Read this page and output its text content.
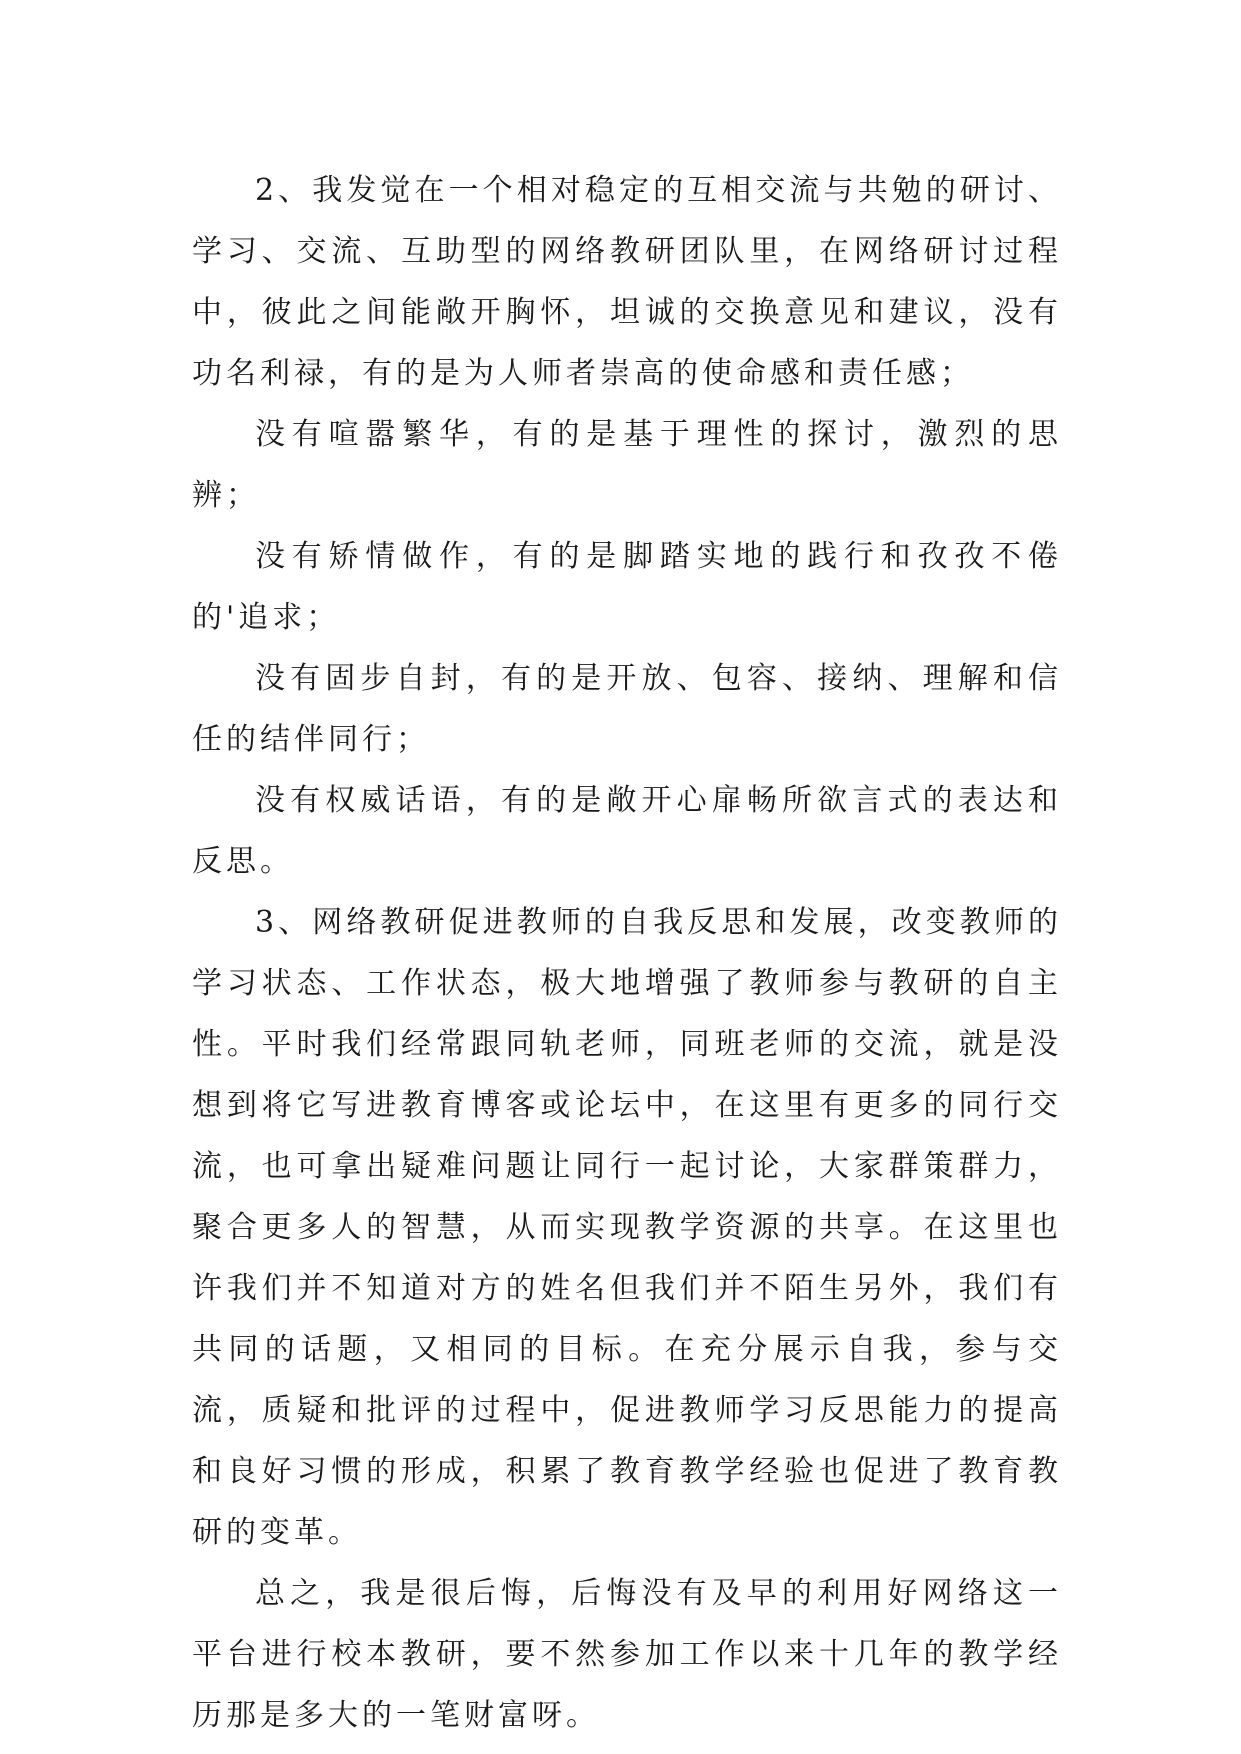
2、我发觉在一个相对稳定的互相交流与共勉的研讨、学习、交流、互助型的网络教研团队里，在网络研讨过程中，彼此之间能敞开胸怀，坦诚的交换意见和建议，没有功名利禄，有的是为人师者崇高的使命感和责任感；

没有喧嚣繁华，有的是基于理性的探讨，激烈的思辨；

没有矫情做作，有的是脚踏实地的践行和孜孜不倦的'追求；

没有固步自封，有的是开放、包容、接纳、理解和信任的结伴同行；

没有权威话语，有的是敞开心扉畅所欲言式的表达和反思。

3、网络教研促进教师的自我反思和发展，改变教师的学习状态、工作状态，极大地增强了教师参与教研的自主性。平时我们经常跟同轨老师，同班老师的交流，就是没想到将它写进教育博客或论坛中，在这里有更多的同行交流，也可拿出疑难问题让同行一起讨论，大家群策群力，聚合更多人的智慧，从而实现教学资源的共享。在这里也许我们并不知道对方的姓名但我们并不陌生另外，我们有共同的话题，又相同的目标。在充分展示自我，参与交流，质疑和批评的过程中，促进教师学习反思能力的提高和良好习惯的形成，积累了教育教学经验也促进了教育教研的变革。

总之，我是很后悔，后悔没有及早的利用好网络这一平台进行校本教研，要不然参加工作以来十几年的教学经历那是多大的一笔财富呀。
